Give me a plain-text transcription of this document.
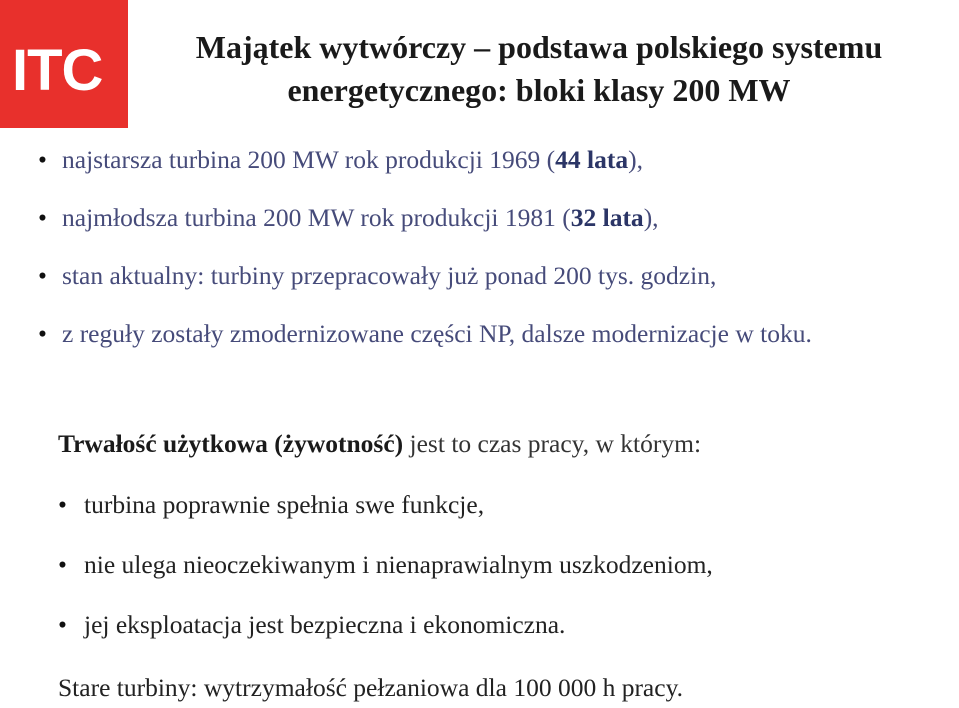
ITC	Majątek wytwórczy – podstawa polskiego systemu
energetycznego: bloki klasy 200 MW
• najstarsza turbina 200 MW rok produkcji 1969 (44 lata),
• najmłodsza turbina 200 MW rok produkcji 1981 (32 lata),
• stan aktualny: turbiny przepracowały już ponad 200 tys. godzin,
• z reguły zostały zmodernizowane części NP, dalsze modernizacje w toku.
Trwałość użytkowa (żywotność) jest to czas pracy, w którym:
• turbina poprawnie spełnia swe funkcje,
• nie ulega nieoczekiwanym i nienaprawialnym uszkodzeniom,
• jej eksploatacja jest bezpieczna i ekonomiczna.
Stare turbiny: wytrzymałość pełzaniowa dla 100 000 h pracy.
